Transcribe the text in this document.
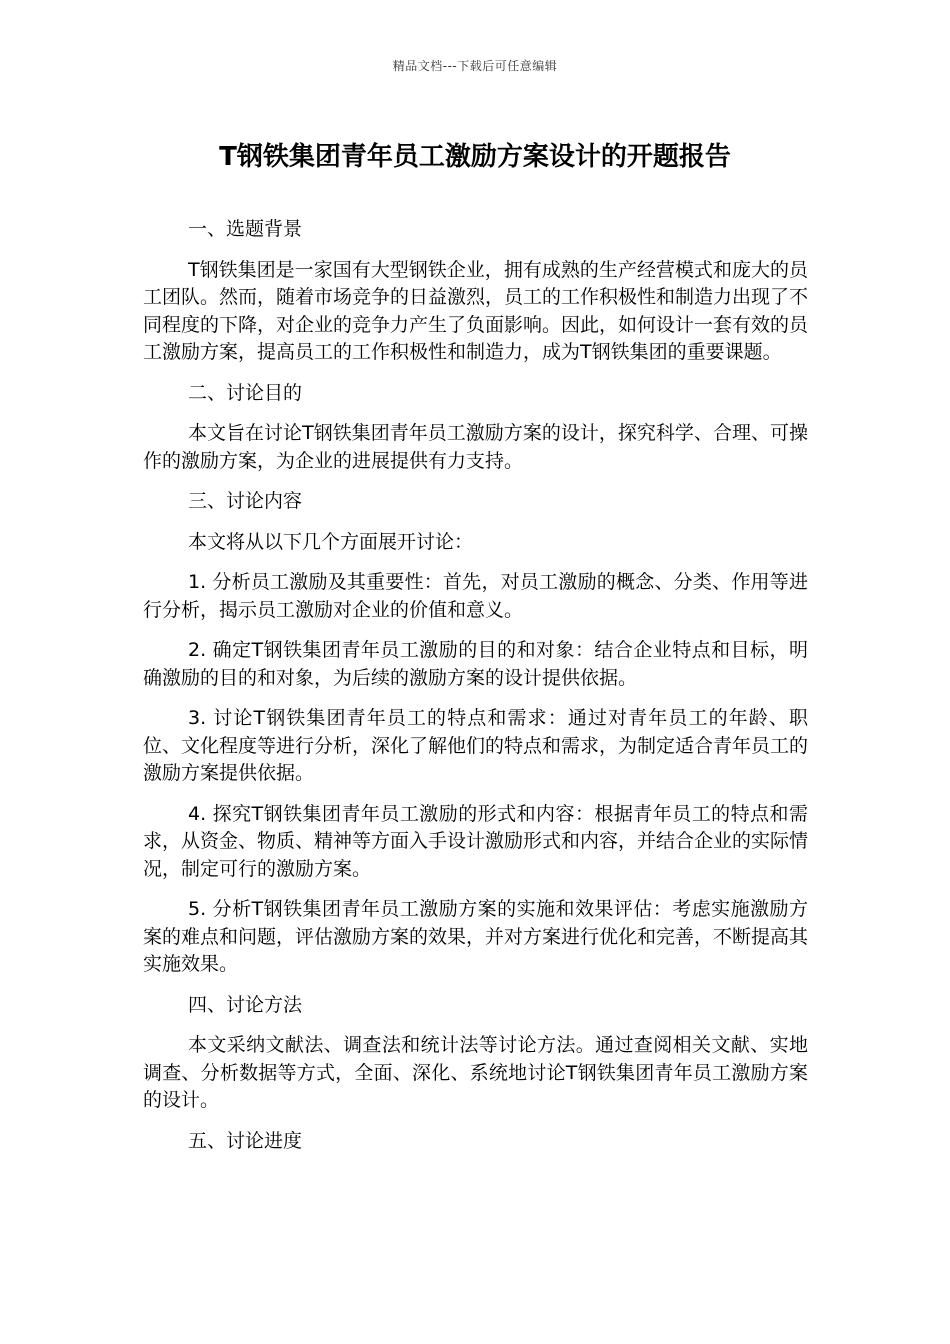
精品文档---下载后可任意编辑
T钢铁集团青年员工激励方案设计的开题报告

一、选题背景

T钢铁集团是一家国有大型钢铁企业，拥有成熟的生产经营模式和庞大的员工团队。然而，随着市场竞争的日益激烈，员工的工作积极性和制造力出现了不同程度的下降，对企业的竞争力产生了负面影响。因此，如何设计一套有效的员工激励方案，提高员工的工作积极性和制造力，成为T钢铁集团的重要课题。

二、讨论目的

本文旨在讨论T钢铁集团青年员工激励方案的设计，探究科学、合理、可操作的激励方案，为企业的进展提供有力支持。

三、讨论内容

本文将从以下几个方面展开讨论：

1. 分析员工激励及其重要性：首先，对员工激励的概念、分类、作用等进行分析，揭示员工激励对企业的价值和意义。

2. 确定T钢铁集团青年员工激励的目的和对象：结合企业特点和目标，明确激励的目的和对象，为后续的激励方案的设计提供依据。

3. 讨论T钢铁集团青年员工的特点和需求：通过对青年员工的年龄、职位、文化程度等进行分析，深化了解他们的特点和需求，为制定适合青年员工的激励方案提供依据。

4. 探究T钢铁集团青年员工激励的形式和内容：根据青年员工的特点和需求，从资金、物质、精神等方面入手设计激励形式和内容，并结合企业的实际情况，制定可行的激励方案。

5. 分析T钢铁集团青年员工激励方案的实施和效果评估：考虑实施激励方案的难点和问题，评估激励方案的效果，并对方案进行优化和完善，不断提高其实施效果。

四、讨论方法

本文采纳文献法、调查法和统计法等讨论方法。通过查阅相关文献、实地调查、分析数据等方式，全面、深化、系统地讨论T钢铁集团青年员工激励方案的设计。

五、讨论进度
